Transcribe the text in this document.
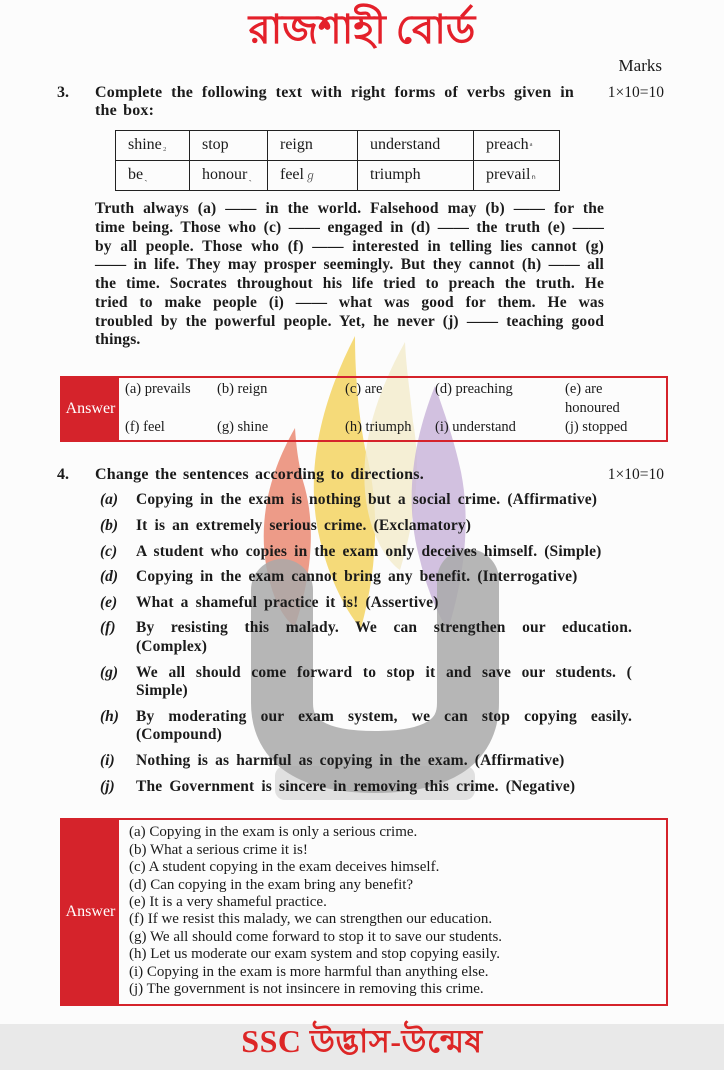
রাজশাহী বোর্ড
Marks
3.	Complete the following text with right forms of verbs given in the box:
1×10=10
shine₂	stop	reign	understand	preachᵃ
beˏ	honourˏ	feelℊ	triumph	prevailₙ
Truth always (a) —— in the world. Falsehood may (b) —— for the time being. Those who (c) —— engaged in (d) —— the truth (e) —— by all people. Those who (f) —— interested in telling lies cannot (g) —— in life. They may prosper seemingly. But they cannot (h) —— all the time. Socrates throughout his life tried to preach the truth. He tried to make people (i) —— what was good for them. He was troubled by the powerful people. Yet, he never (j) —— teaching good things.
Answer
(a) prevails	(b) reign	(c) are	(d) preaching	(e) are honoured
(f) feel	(g) shine	(h) triumph	(i) understand	(j) stopped
4.	Change the sentences according to directions.	1×10=10
(a)	Copying in the exam is nothing but a social crime. (Affirmative)
(b)	It is an extremely serious crime. (Exclamatory)
(c)	A student who copies in the exam only deceives himself. (Simple)
(d)	Copying in the exam cannot bring any benefit. (Interrogative)
(e)	What a shameful practice it is! (Assertive)
(f)	By resisting this malady. We can strengthen our education. (Complex)
(g)	We all should come forward to stop it and save our students. ( Simple)
(h)	By moderating our exam system, we can stop copying easily. (Compound)
(i)	Nothing is as harmful as copying in the exam. (Affirmative)
(j)	The Government is sincere in removing this crime. (Negative)
Answer
(a) Copying in the exam is only a serious crime.
(b) What a serious crime it is!
(c) A student copying in the exam deceives himself.
(d) Can copying in the exam bring any benefit?
(e) It is a very shameful practice.
(f) If we resist this malady, we can strengthen our education.
(g) We all should come forward to stop it to save our students.
(h) Let us moderate our exam system and stop copying easily.
(i) Copying in the exam is more harmful than anything else.
(j) The government is not insincere in removing this crime.
SSC উদ্ভাস-উন্মেষ
